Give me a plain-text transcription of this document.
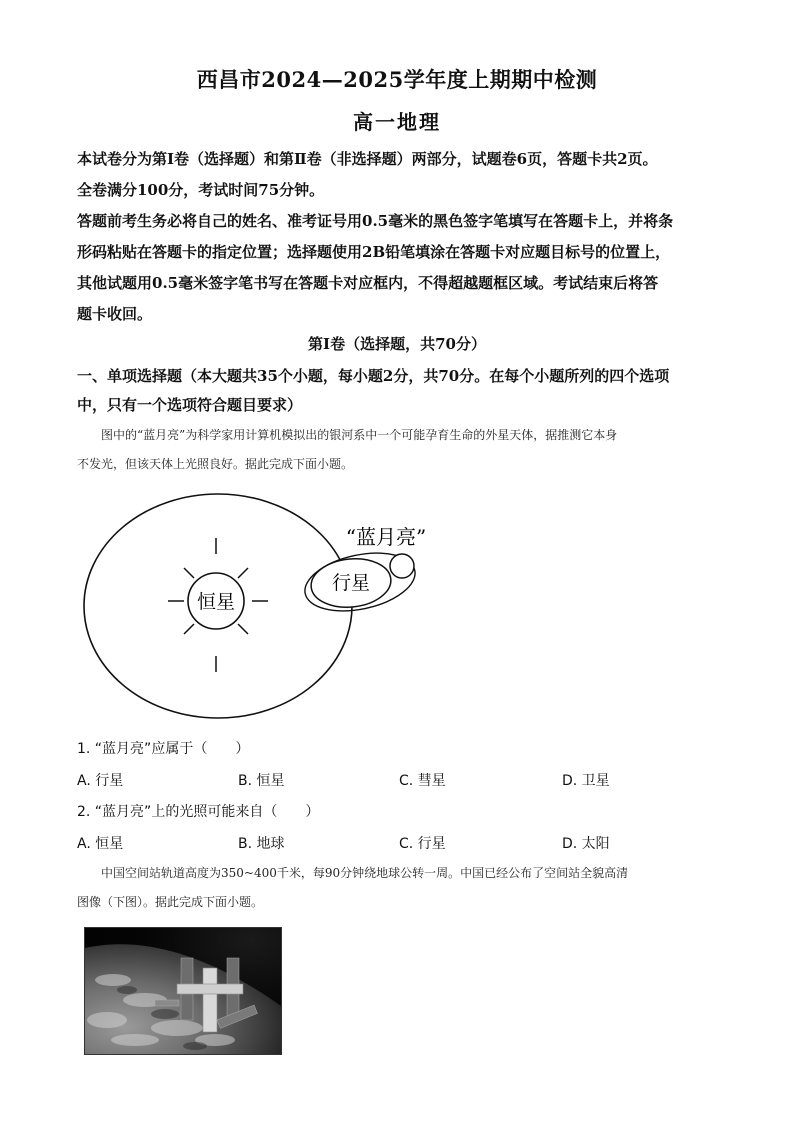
西昌市2024—2025学年度上期期中检测
高一地理

本试卷分为第Ⅰ卷（选择题）和第Ⅱ卷（非选择题）两部分，试题卷6页，答题卡共2页。

全卷满分100分，考试时间75分钟。

答题前考生务必将自己的姓名、准考证号用0.5毫米的黑色签字笔填写在答题卡上，并将条

形码粘贴在答题卡的指定位置；选择题使用2B铅笔填涂在答题卡对应题目标号的位置上，

其他试题用0.5毫米签字笔书写在答题卡对应框内，不得超越题框区域。考试结束后将答

题卡收回。

第Ⅰ卷（选择题，共70分）

一、单项选择题（本大题共35个小题，每小题2分，共70分。在每个小题所列的四个选项

中，只有一个选项符合题目要求）

图中的“蓝月亮”为科学家用计算机模拟出的银河系中一个可能孕育生命的外星天体，据推测它本身

不发光，但该天体上光照良好。据此完成下面小题。

恒星
行星
“蓝月亮”
1. “蓝月亮”应属于（　　）
A. 行星	B. 恒星	C. 彗星	D. 卫星
2. “蓝月亮”上的光照可能来自（　　）
A. 恒星	B. 地球	C. 行星	D. 太阳

中国空间站轨道高度为350~400千米，每90分钟绕地球公转一周。中国已经公布了空间站全貌高清

图像（下图）。据此完成下面小题。
